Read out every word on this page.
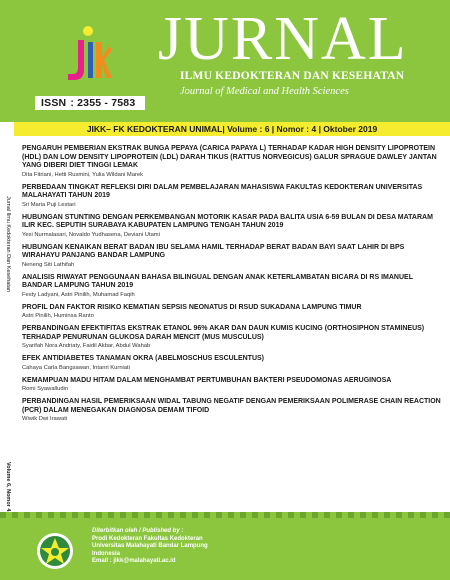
ISSN : 2355 - 7583
JURNAL
ILMU KEDOKTERAN DAN KESEHATAN
Journal of Medical and Health Sciences
Jurnal Ilmu Kedokteran Dan Kesehatan
JIKK– FK KEDOKTERAN UNIMAL| Volume : 6 | Nomor : 4 | Oktober 2019
PENGARUH PEMBERIAN EKSTRAK BUNGA PEPAYA (CARICA PAPAYA L) TERHADAP KADAR HIGH DENSITY LIPOPROTEIN (HDL) DAN LOW DENSITY LIPOPROTEIN (LDL) DARAH TIKUS (RATTUS NORVEGICUS) GALUR SPRAGUE DAWLEY JANTAN YANG DIBERI DIET TINGGI LEMAK
Dita Fitriani, Hetti Rusmini, Yulia Wildani Marek
PERBEDAAN TINGKAT REFLEKSI DIRI DALAM PEMBELAJARAN MAHASISWA FAKULTAS KEDOKTERAN UNIVERSITAS MALAHAYATI TAHUN 2019
Sri Maria Puji Lestari
HUBUNGAN STUNTING DENGAN PERKEMBANGAN MOTORIK KASAR PADA BALITA USIA 6-59 BULAN DI DESA MATARAM ILIR KEC. SEPUTIH SURABAYA KABUPATEN LAMPUNG TENGAH TAHUN 2019
Yesi Nurmalasari, Novaldo Yudhasena, Deviani Utami
HUBUNGAN KENAIKAN BERAT BADAN IBU SELAMA HAMIL TERHADAP BERAT BADAN BAYI SAAT LAHIR DI BPS WIRAHAYU PANJANG BANDAR LAMPUNG
Neneng Siti Lathifah
ANALISIS RIWAYAT PENGGUNAAN BAHASA BILINGUAL DENGAN ANAK KETERLAMBATAN BICARA DI RS IMANUEL BANDAR LAMPUNG TAHUN 2019
Festy Ladyani, Astri Pinilih, Muhamad Faqih
PROFIL DAN FAKTOR RISIKO KEMATIAN SEPSIS NEONATUS DI RSUD SUKADANA LAMPUNG TIMUR
Astri Pinilih, Huminsa Ranto
PERBANDINGAN EFEKTIFITAS EKSTRAK ETANOL 96% AKAR DAN DAUN KUMIS KUCING (ORTHOSIPHON STAMINEUS) TERHADAP PENURUNAN GLUKOSA DARAH MENCIT (MUS MUSCULUS)
Syarifah Nora Andriaty, Faidil Akbar, Abdul Wahab
EFEK ANTIDIABETES TANAMAN OKRA (ABELMOSCHUS ESCULENTUS)
Cahaya Carla Bangsawan, Intanri Kurniati
KEMAMPUAN MADU HITAM DALAM MENGHAMBAT PERTUMBUHAN BAKTERI PSEUDOMONAS AERUGINOSA
Romi Syawalludin
PERBANDINGAN HASIL PEMERIKSAAN WIDAL TABUNG NEGATIF DENGAN PEMERIKSAAN POLIMERASE CHAIN REACTION (PCR) DALAM MENEGAKAN DIAGNOSA DEMAM TIFOID
Wiwik Dwi Irawati
Diterbitkan oleh / Published by :
Prodi Kedokteran Fakultas Kedokteran
Universitas Malahayati Bandar Lampung
Indonesia
Email : jikk@malahayati.ac.id
